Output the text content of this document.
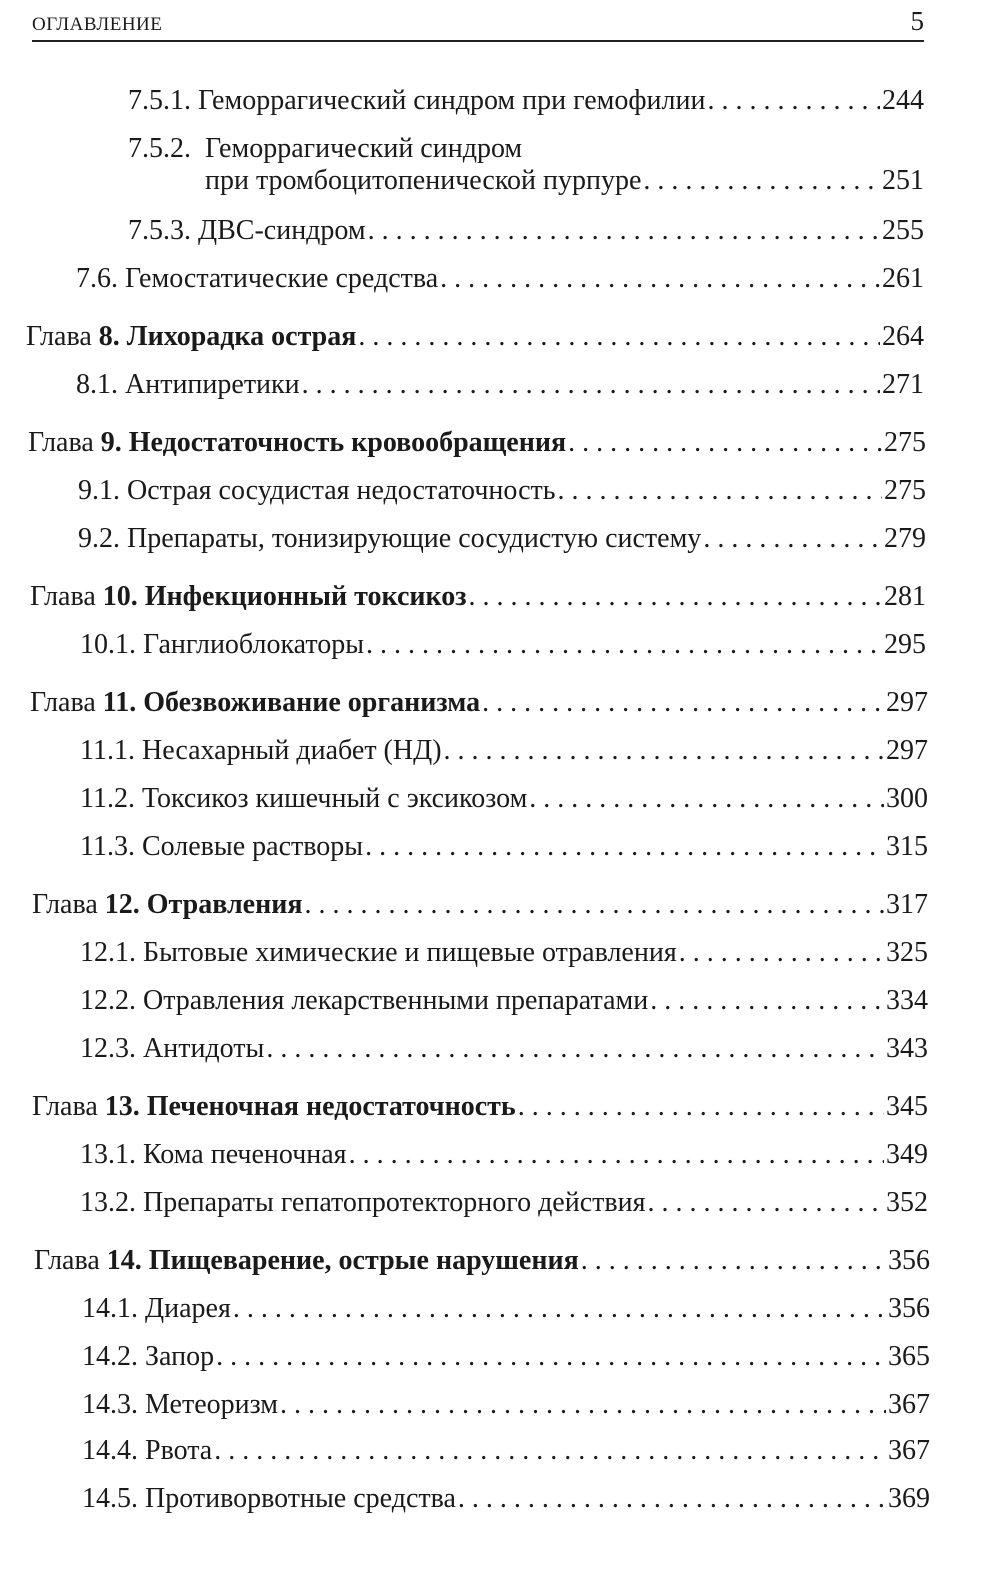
ОГЛАВЛЕНИЕ	5
7.5.1. Геморрагический синдром при гемофилии . . .	244
7.5.2. Геморрагический синдром
при тромбоцитопенической пурпуре . . .	251
7.5.3. ДВС-синдром . . .	255
7.6. Гемостатические средства . . .	261
Глава 8. Лихорадка острая . . .	264
8.1. Антипиретики . . .	271
Глава 9. Недостаточность кровообращения . . .	275
9.1. Острая сосудистая недостаточность . . .	275
9.2. Препараты, тонизирующие сосудистую систему . . .	279
Глава 10. Инфекционный токсикоз . . .	281
10.1. Ганглиоблокаторы . . .	295
Глава 11. Обезвоживание организма . . .	297
11.1. Несахарный диабет (НД) . . .	297
11.2. Токсикоз кишечный с эксикозом . . .	300
11.3. Солевые растворы . . .	315
Глава 12. Отравления . . .	317
12.1. Бытовые химические и пищевые отравления . . .	325
12.2. Отравления лекарственными препаратами . . .	334
12.3. Антидоты . . .	343
Глава 13. Печеночная недостаточность . . .	345
13.1. Кома печеночная . . .	349
13.2. Препараты гепатопротекторного действия . . .	352
Глава 14. Пищеварение, острые нарушения . . .	356
14.1. Диарея . . .	356
14.2. Запор . . .	365
14.3. Метеоризм . . .	367
14.4. Рвота . . .	367
14.5. Противорвотные средства . . .	369
